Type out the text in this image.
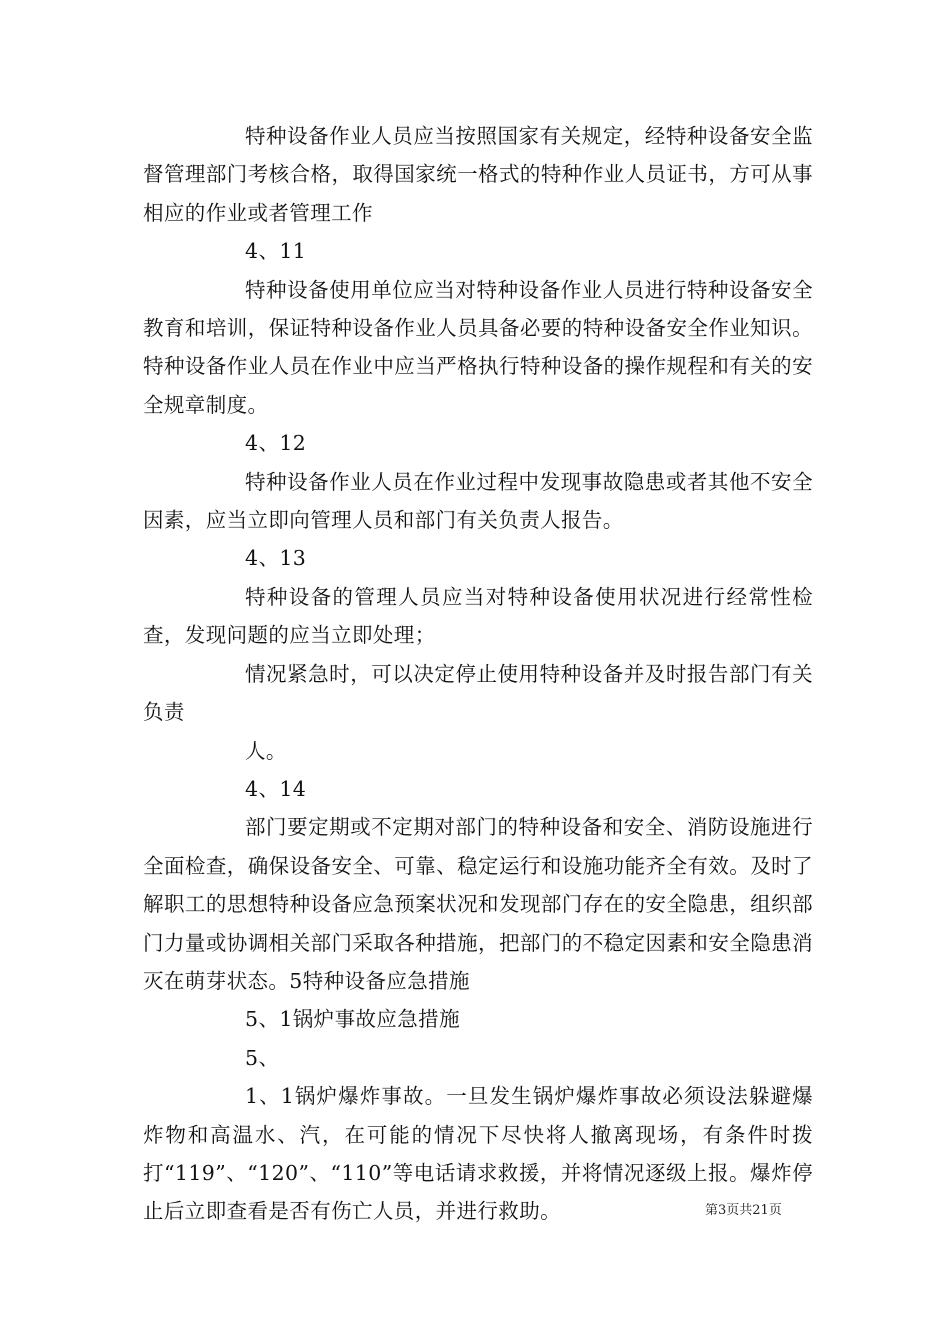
特种设备作业人员应当按照国家有关规定，经特种设备安全监督管理部门考核合格，取得国家统一格式的特种作业人员证书，方可从事相应的作业或者管理工作

4、11

特种设备使用单位应当对特种设备作业人员进行特种设备安全教育和培训，保证特种设备作业人员具备必要的特种设备安全作业知识。特种设备作业人员在作业中应当严格执行特种设备的操作规程和有关的安全规章制度。

4、12

特种设备作业人员在作业过程中发现事故隐患或者其他不安全因素，应当立即向管理人员和部门有关负责人报告。

4、13

特种设备的管理人员应当对特种设备使用状况进行经常性检查，发现问题的应当立即处理；

情况紧急时，可以决定停止使用特种设备并及时报告部门有关负责

人。

4、14

部门要定期或不定期对部门的特种设备和安全、消防设施进行全面检查，确保设备安全、可靠、稳定运行和设施功能齐全有效。及时了解职工的思想特种设备应急预案状况和发现部门存在的安全隐患，组织部门力量或协调相关部门采取各种措施，把部门的不稳定因素和安全隐患消灭在萌芽状态。5特种设备应急措施

5、1锅炉事故应急措施

5、

1、1锅炉爆炸事故。一旦发生锅炉爆炸事故必须设法躲避爆炸物和高温水、汽，在可能的情况下尽快将人撤离现场，有条件时拨打“119”、“120”、“110”等电话请求救援，并将情况逐级上报。爆炸停止后立即查看是否有伤亡人员，并进行救助。	第3页共21页
